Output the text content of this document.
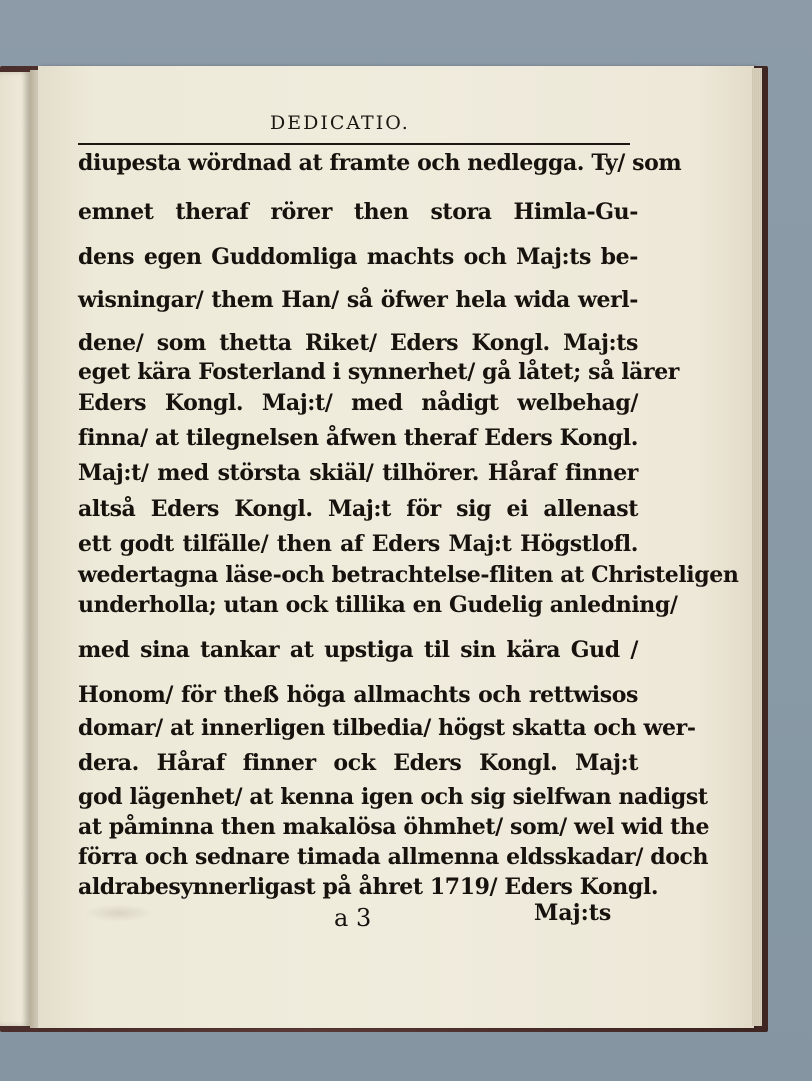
DEDICATIO.
diupesta wördnad at framte och nedlegga. Ty/ som
emnet theraf rörer then stora Himla-Gu-
dens egen Guddomliga machts och Maj:ts be-
wisningar/ them Han/ så öfwer hela wida werl-
dene/ som thetta Riket/ Eders Kongl. Maj:ts
eget kära Fosterland i synnerhet/ gå låtet; så lärer
Eders Kongl. Maj:t/ med nådigt welbehag/
finna/ at tilegnelsen åfwen theraf Eders Kongl.
Maj:t/ med största skiäl/ tilhörer. Håraf finner
altså Eders Kongl. Maj:t för sig ei allenast
ett godt tilfälle/ then af Eders Maj:t Högstlofl.
wedertagna läse-och betrachtelse-fliten at Christeligen
underholla; utan ock tillika en Gudelig anledning/
med sina tankar at upstiga til sin kära Gud /
Honom/ för theß höga allmachts och rettwisos
domar/ at innerligen tilbedia/ högst skatta och wer-
dera. Håraf finner ock Eders Kongl. Maj:t
god lägenhet/ at kenna igen och sig sielfwan nadigst
at påminna then makalösa öhmhet/ som/ wel wid the
förra och sednare timada allmenna eldsskadar/ doch
aldrabesynnerligast på åhret 1719/ Eders Kongl.
a 3	Maj:ts
